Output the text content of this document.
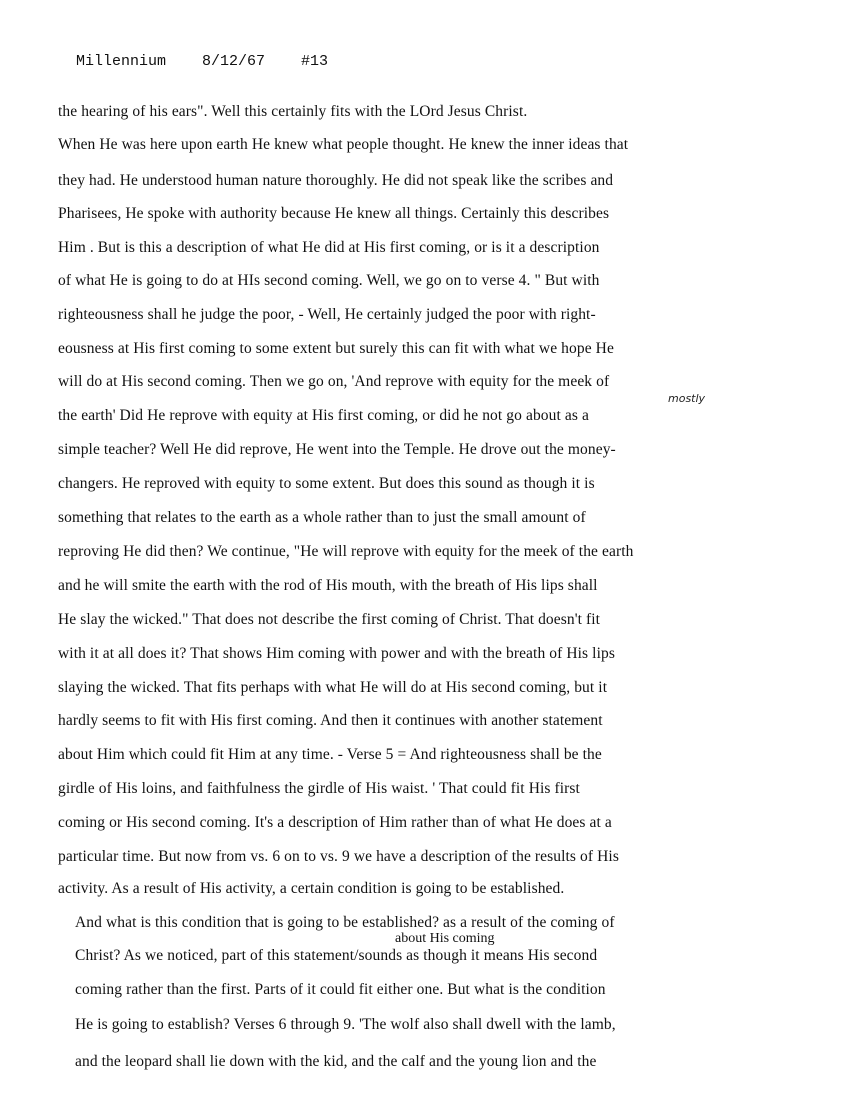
Millennium 8/12/67 #13

the hearing of his ears". Well this certainly fits with the LOrd Jesus Christ.
When He was here upon earth He knew what people thought. He knew the inner ideas that
they had. He understood human nature thoroughly. He did not speak like the scribes and
Pharisees, He spoke with authority because He knew all things. Certainly this describes
Him . But is this a description of what He did at His first coming, or is it a description
of what He is going to do at HIs second coming. Well, we go on to verse 4. " But with
righteousness shall he judge the poor, - Well, He certainly judged the poor with right-
eousness at His first coming to some extent but surely this can fit with what we hope He
will do at His second coming. Then we go on, 'And reprove with equity for the meek of
mostly
the earth' Did He reprove with equity at His first coming, or did he not go about as a
simple teacher? Well He did reprove, He went into the Temple. He drove out the money-
changers. He reproved with equity to some extent. But does this sound as though it is
something that relates to the earth as a whole rather than to just the small amount of
reproving He did then? We continue, "He will reprove with equity for the meek of the earth
and he will smite the earth with the rod of His mouth, with the breath of His lips shall
He slay the wicked." That does not describe the first coming of Christ. That doesn't fit
with it at all does it? That shows Him coming with power and with the breath of His lips
slaying the wicked. That fits perhaps with what He will do at His second coming, but it
hardly seems to fit with His first coming. And then it continues with another statement
about Him which could fit Him at any time. - Verse 5 = And righteousness shall be the
girdle of His loins, and faithfulness the girdle of His waist. ' That could fit His first
coming or His second coming. It's a description of Him rather than of what He does at a
particular time. But now from vs. 6 on to vs. 9 we have a description of the results of His
activity. As a result of His activity, a certain condition is going to be established.
And what is this condition that is going to be established? as a result of the coming of
about His coming
Christ? As we noticed, part of this statement/sounds as though it means His second
coming rather than the first. Parts of it could fit either one. But what is the condition
He is going to establish? Verses 6 through 9. 'The wolf also shall dwell with the lamb,
and the leopard shall lie down with the kid, and the calf and the young lion and the
